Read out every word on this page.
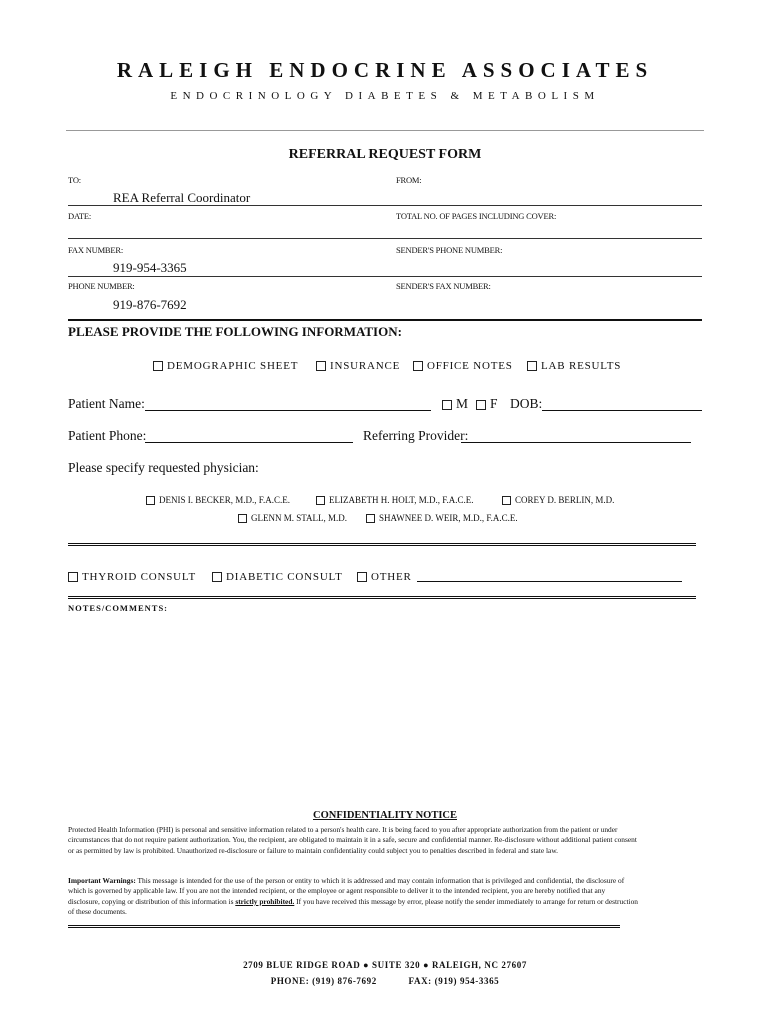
RALEIGH ENDOCRINE ASSOCIATES
ENDOCRINOLOGY DIABETES & METABOLISM
REFERRAL REQUEST FORM
TO:	FROM:
REA Referral Coordinator
DATE:	TOTAL NO. OF PAGES INCLUDING COVER:
FAX NUMBER:	SENDER'S PHONE NUMBER:
919-954-3365
PHONE NUMBER:	SENDER'S FAX NUMBER:
919-876-7692
PLEASE PROVIDE THE FOLLOWING INFORMATION:
DEMOGRAPHIC SHEET	INSURANCE	OFFICE NOTES	LAB RESULTS
Patient Name:	M	F DOB:
Patient Phone:	Referring Provider:
Please specify requested physician:
DENIS I. BECKER, M.D., F.A.C.E.	ELIZABETH H. HOLT, M.D., F.A.C.E.	COREY D. BERLIN, M.D.
GLENN M. STALL, M.D.	SHAWNEE D. WEIR, M.D., F.A.C.E.
THYROID CONSULT	DIABETIC CONSULT	OTHER
NOTES/COMMENTS:
CONFIDENTIALITY NOTICE
Protected Health Information (PHI) is personal and sensitive information related to a person's health care. It is being faced to you after appropriate authorization from the patient or under circumstances that do not require patient authorization. You, the recipient, are obligated to maintain it in a safe, secure and confidential manner. Re-disclosure without additional patient consent or as permitted by law is prohibited. Unauthorized re-disclosure or failure to maintain confidentiality could subject you to penalties described in federal and state law.
Important Warnings: This message is intended for the use of the person or entity to which it is addressed and may contain information that is privileged and confidential, the disclosure of which is governed by applicable law. If you are not the intended recipient, or the employee or agent responsible to deliver it to the intended recipient, you are hereby notified that any disclosure, copying or distribution of this information is strictly prohibited. If you have received this message by error, please notify the sender immediately to arrange for return or destruction of these documents.
2709 BLUE RIDGE ROAD ● SUITE 320 ● RALEIGH, NC 27607
PHONE: (919) 876-7692	FAX: (919) 954-3365
